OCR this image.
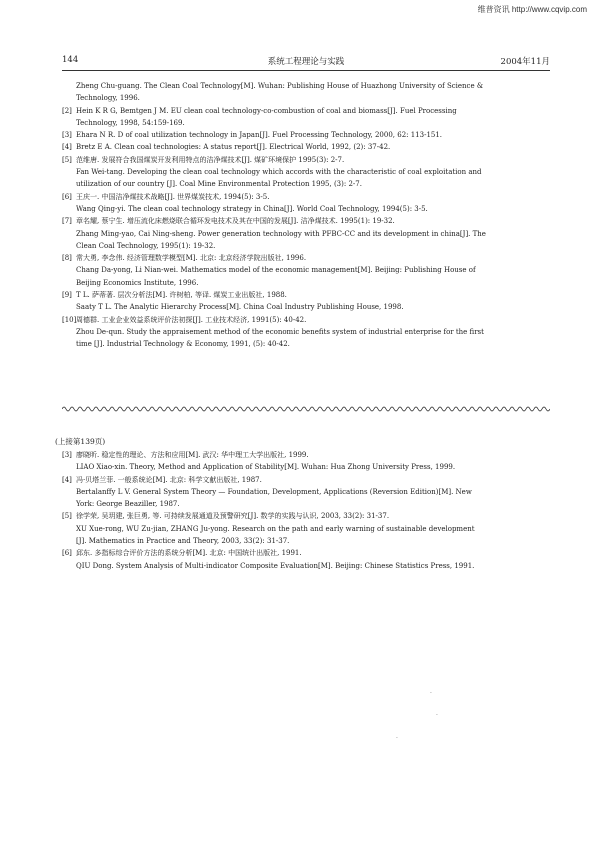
维普资讯 http://www.cqvip.com
144	系统工程理论与实践	2004年11月
Zheng Chu-guang. The Clean Coal Technology[M]. Wuhan: Publishing House of Huazhong University of Science &
Technology, 1996.
[2] Hein K R G, Bemtgen J M. EU clean coal technology-co-combustion of coal and biomass[J]. Fuel Processing
Technology, 1998, 54:159-169.
[3] Ehara N R. D of coal utilization technology in Japan[J]. Fuel Processing Technology, 2000, 62: 113-151.
[4] Bretz E A. Clean coal technologies: A status report[J]. Electrical World, 1992, (2): 37-42.
[5] 范维唐. 发展符合我国煤炭开发利用特点的洁净煤技术[J]. 煤矿环境保护 1995(3): 2-7.
Fan Wei-tang. Developing the clean coal technology which accords with the characteristic of coal exploitation and
utilization of our country [J]. Coal Mine Environmental Protection 1995, (3): 2-7.
[6] 王庆一. 中国洁净煤技术战略[J]. 世界煤炭技术, 1994(5): 3-5.
Wang Qing-yi. The clean coal technology strategy in China[J]. World Coal Technology, 1994(5): 3-5.
[7] 章名耀, 蔡宁生. 增压流化床燃烧联合循环发电技术及其在中国的发展[J]. 洁净煤技术. 1995(1): 19-32.
Zhang Ming-yao, Cai Ning-sheng. Power generation technology with PFBC-CC and its development in china[J]. The
Clean Coal Technology, 1995(1): 19-32.
[8] 常大勇, 李念伟. 经济管理数学模型[M]. 北京: 北京经济学院出版社, 1996.
Chang Da-yong, Li Nian-wei. Mathematics model of the economic management[M]. Beijing: Publishing House of
Beijing Economics Institute, 1996.
[9] T L. 萨蒂著. 层次分析法[M]. 许树柏, 等译. 煤炭工业出版社, 1988.
Saaty T L. The Analytic Hierarchy Process[M]. China Coal Industry Publishing House, 1998.
[10] 周德群. 工业企业效益系统评价法初探[J]. 工业技术经济, 1991(5): 40-42.
Zhou De-qun. Study the appraisement method of the economic benefits system of industrial enterprise for the first
time [J]. Industrial Technology & Economy, 1991, (5): 40-42.
(上接第139页)
[3] 廖晓昕. 稳定性的理论、方法和应用[M]. 武汉: 华中理工大学出版社, 1999.
LIAO Xiao-xin. Theory, Method and Application of Stability[M]. Wuhan: Hua Zhong University Press, 1999.
[4] 冯·贝塔兰菲. 一般系统论[M]. 北京: 科学文献出版社, 1987.
Bertalanffy L V. General System Theory — Foundation, Development, Applications (Reversion Edition)[M]. New
York: George Beaziller, 1987.
[5] 徐学荣, 吴玥建, 张巨勇, 等. 可持续发展通道及预警研究[J]. 数学的实践与认识, 2003, 33(2): 31-37.
XU Xue-rong, WU Zu-jian, ZHANG Ju-yong. Research on the path and early warning of sustainable development
[J]. Mathematics in Practice and Theory, 2003, 33(2): 31-37.
[6] 邱东. 多指标综合评价方法的系统分析[M]. 北京: 中国统计出版社, 1991.
QIU Dong. System Analysis of Multi-indicator Composite Evaluation[M]. Beijing: Chinese Statistics Press, 1991.
·
·
·
